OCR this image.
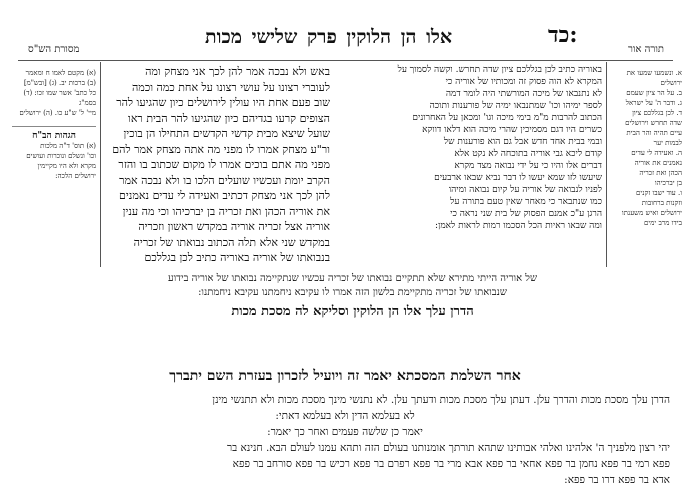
כד:
אלו הן הלוקין פרק שלישי מכות
מסורת הש"ס	תורה אור
(א) מקטם לאמו ח ומאמר
(ב) ברכות יב. (ג) [ובש"מ]
כל כתב' אשר שמו זכו: (ד) בסמ"ג
מיי' ל' ש"ע כו. (ה) ירושלים
הגהות הב"ח
(א) תוס' ד"ה מלכות
וכו' ונשלם ונוכרות ועושים
מקרא ולא היו מקיימין
ירושלים הלכה:
באש ולא נבכה אמר להן לכך אני מצחק ומה
לעוברי רצונו על עושי רצונו על אחת כמה וכמה
שוב פעם אחת היו עולין לירושלים כיון שהגיעו להר
הצופים קרעו בגדיהם כיון שהגיעו להר הבית ראו
שועל שיצא מבית קדשי הקדשים התחילו הן בוכין
ור"ע מצחק אמרו לו מפני מה אתה מצחק אמר להם
מפני מה אתם בוכים אמרו לו מקום שכתוב בו והזר
הקרב יומת ועכשיו שועלים הלכו בו ולא נבכה אמר
להן לכך אני מצחק דכתיב ואעידה לי עדים נאמנים
את אוריה הכהן ואת זכריה בן יברכיהו וכי מה ענין
אוריה אצל זכריה אוריה במקדש ראשון וזכריה
במקדש שני אלא תלה הכתוב נבואתו של זכריה
בנבואתו של אוריה באוריה כתיב לכן בגללכם
באוריה כתיב לכן בגללכם ציון שדה תחרש. וקשה לסמוך על
המקרא לא הוה פסוק זה ומכותיו של אוריה כי
לא נתנבאו של מיכה המורשתי היה לומר דמה
לספר ימיהו וכו' שמתנבאו ימיה של פורענות ותוכה
הכתוב להרבות מ"מ בימי מיכה וגו' ומכאן על האחרונים
כשרים היו דגם מסמיכין שהרי מיכה הוא דלאו דווקא
ובמי בבית אחד חדש אבל גם הוא פורענות של
קודם ליכא גבי אוריה בתוכחה לא נקט אלא
דברים אלו והיו כי על ידי נבואה מצד מקרא
שיעשו לזו שמא יעשו לו דבר נביא שבאו ארבעים
לפניו לנבואה של אוריה על קיום נבואה ומיהו
כמו שנתבאר כי מאחר שאין טעם בתורה על
הרגן ע"כ אמנם הפסוק של בית שני נראה כי
ומה שבאו ראיות הכל הסכמו רמות לראות לאמן:
א. ונשמעו שמעו את ירושלים
ב. על הר ציון שעמם
ג. ודבר ה' על ישראל
ד. לכן בגללכם ציון
שדה תחרש וירושלים
עיים תהיה והר הבית
לבמות יער
ה. ואעידה לי עדים
נאמנים את אוריה
הכהן ואת זכריה
בן יברכיהו
ו. עוד ישבו זקנים
וזקנות ברחובות
ירושלים ואיש משענתו
בידו מרב ימים
של אוריה הייתי מתירא שלא תתקיים נבואתו של זכריה עכשיו שנתקיימה נבואתו של אוריה בידוע
שנבואתו של זכריה מתקיימת בלשון הזה אמרו לו עקיבא ניחמתנו עקיבא ניחמתנו:
הדרן עלך אלו הן הלוקין וסליקא לה מסכת מכות
אחר השלמת המסכתא יאמר זה ויועיל לזכרון בעזרת השם יתברך
הדרן עלך מסכת מכות והדרך עלן. דעתן עלך מסכת מכות ודעתך עלן. לא נתנשי מינך מסכת מכות ולא תתנשי מינן
לא בעלמא הדין ולא בעלמא דאתי:
יאמר כן שלשה פעמים ואחר כך יאמר:
יהי רצון מלפניך ה' אלהינו ואלהי אבותינו שתהא תורתך אומנותנו בעולם הזה ותהא עמנו לעולם הבא. חנינא בר
פפא רמי בר פפא נחמן בר פפא אחאי בר פפא אבא מרי בר פפא רפרם בר פפא רכיש בר פפא סורחב בר פפא
אדא בר פפא דרו בר פפא:
